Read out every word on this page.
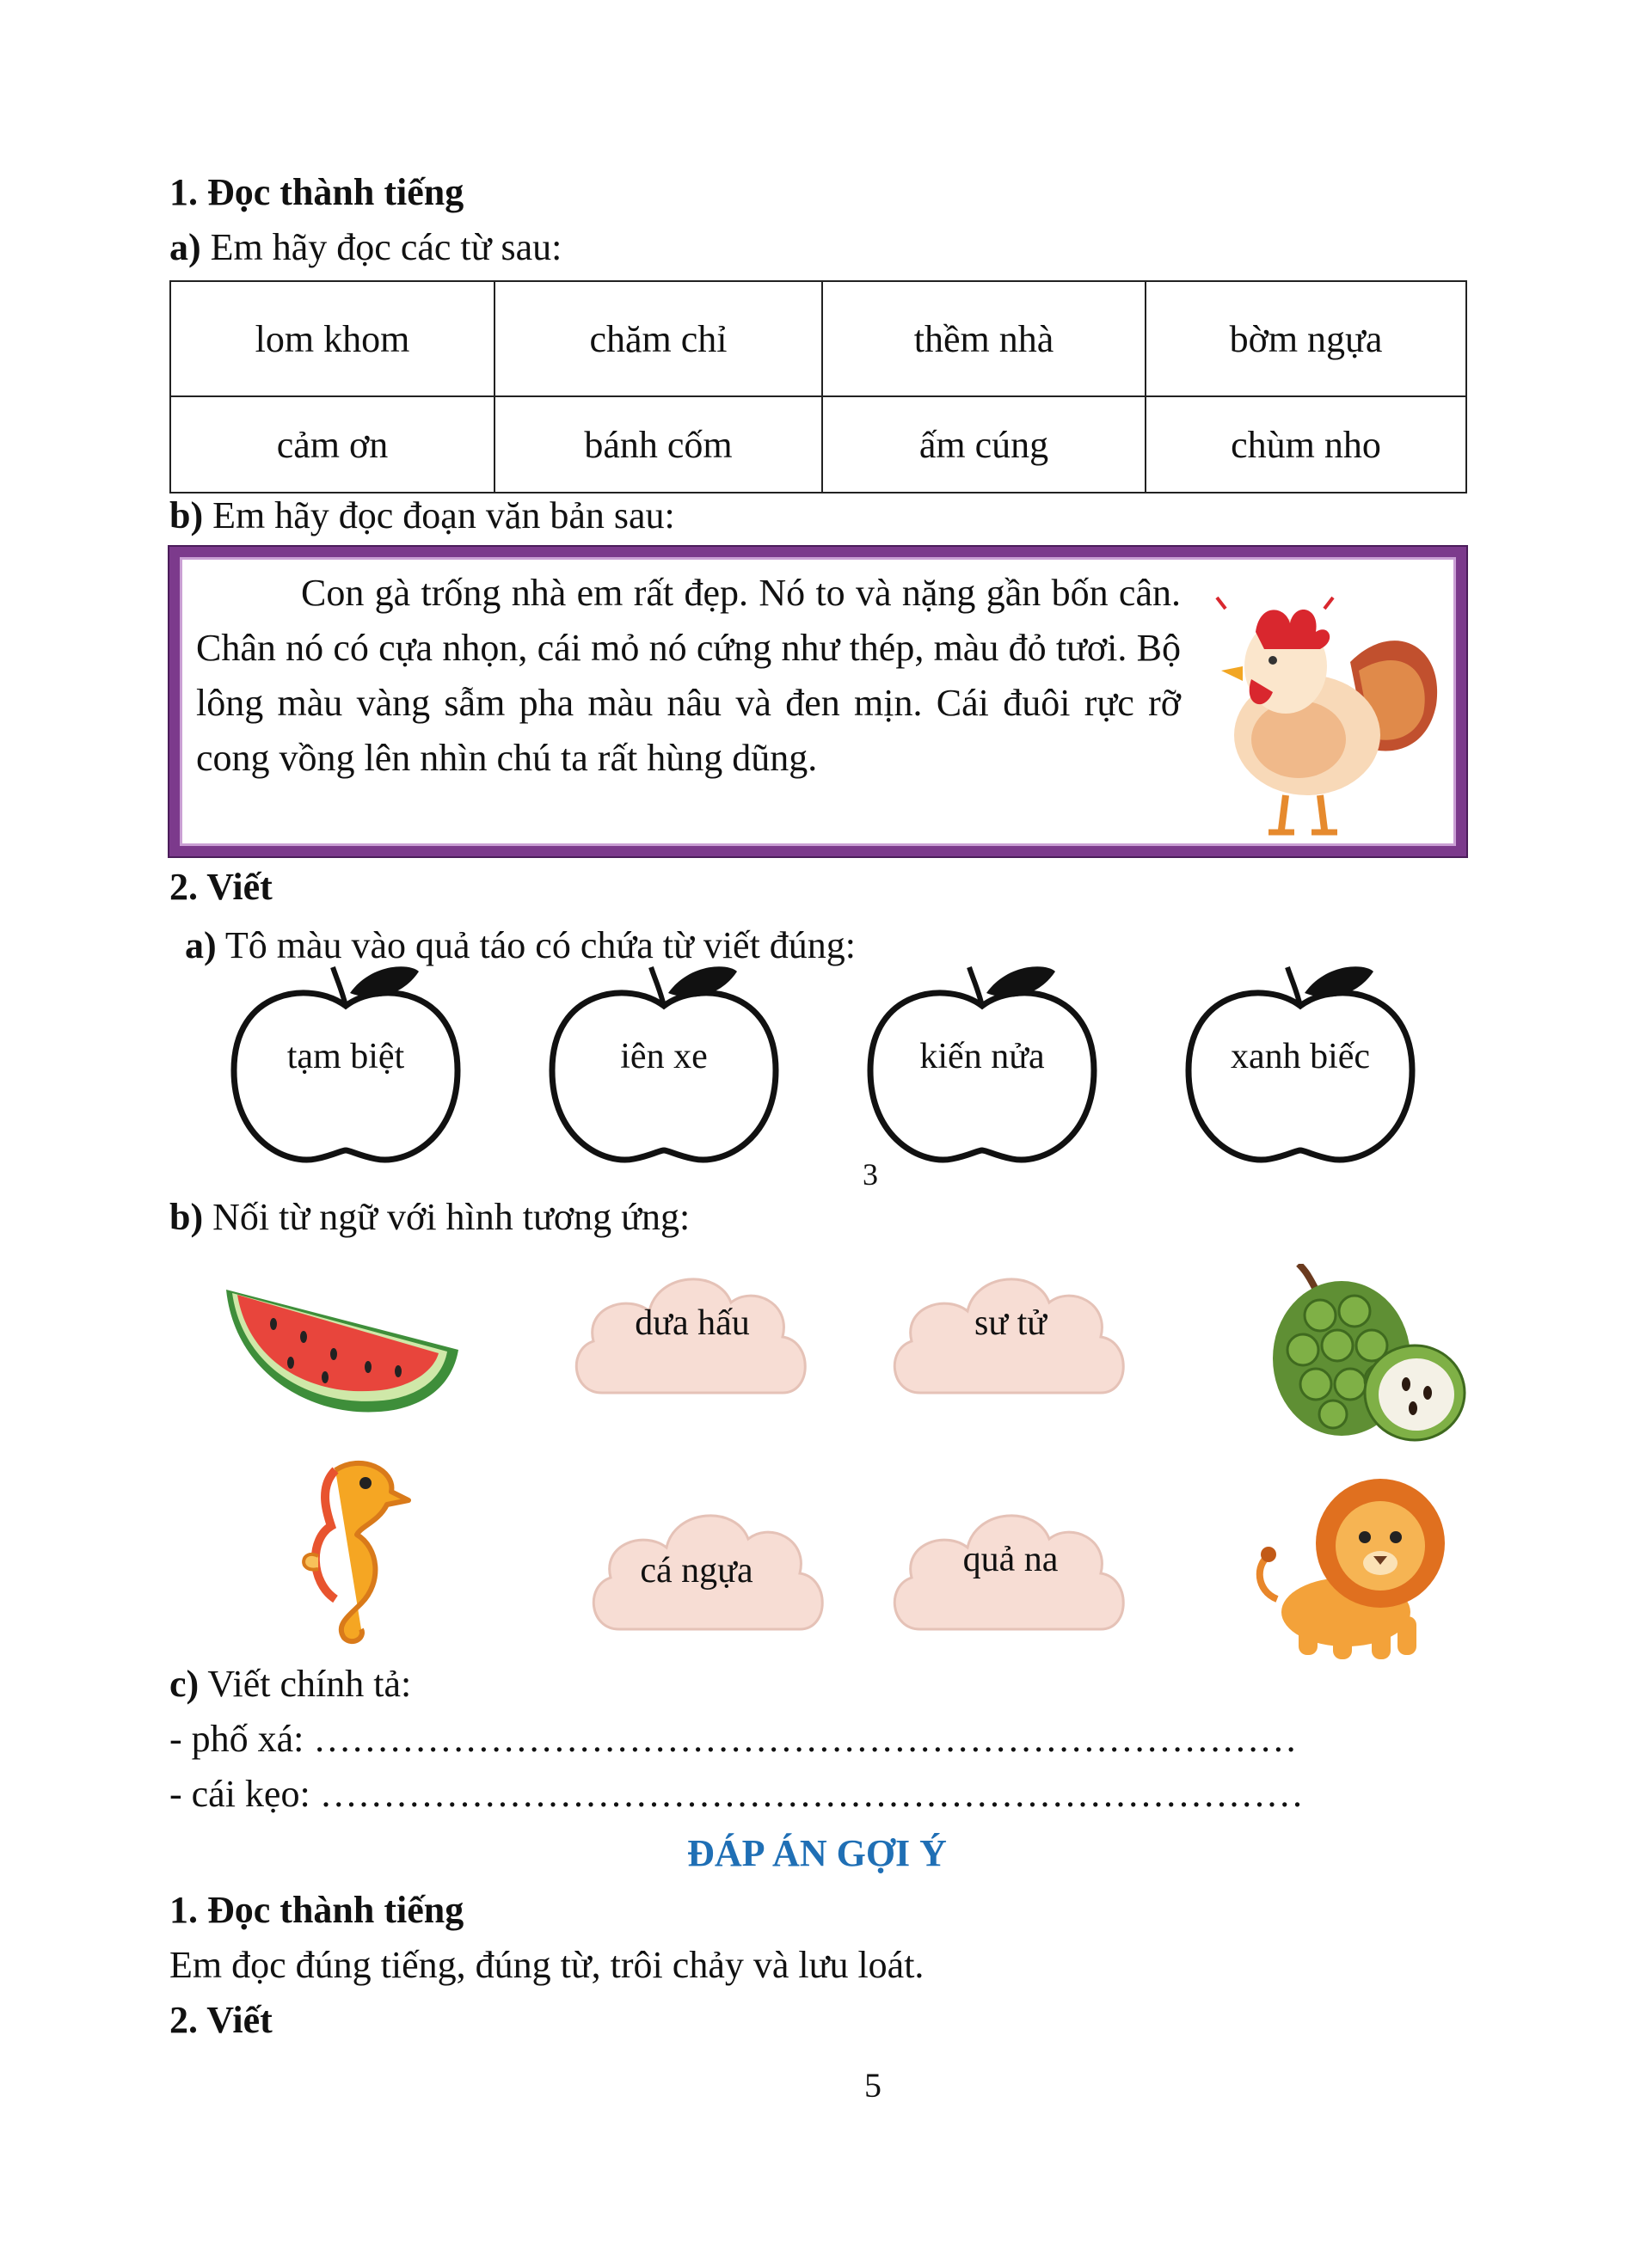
1. Đọc thành tiếng
a) Em hãy đọc các từ sau:
lom khom	chăm chỉ	thềm nhà	bờm ngựa
cảm ơn	bánh cốm	ấm cúng	chùm nho
b) Em hãy đọc đoạn văn bản sau:
Con gà trống nhà em rất đẹp. Nó to và nặng gần bốn cân. Chân nó có cựa nhọn, cái mỏ nó cứng như thép, màu đỏ tươi. Bộ lông màu vàng sẫm pha màu nâu và đen mịn. Cái đuôi rực rỡ cong vồng lên nhìn chú ta rất hùng dũng.
2. Viết
a) Tô màu vào quả táo có chứa từ viết đúng:
tạm biệt	iên xe	kiến nửa	xanh biếc
3
b) Nối từ ngữ với hình tương ứng:
dưa hấu	sư tử
cá ngựa	quả na
c) Viết chính tả:
- phố xá: ……………………………………………………………………
- cái kẹo: ……………………………………………………………………
ĐÁP ÁN GỢI Ý
1. Đọc thành tiếng
Em đọc đúng tiếng, đúng từ, trôi chảy và lưu loát.
2. Viết
5
